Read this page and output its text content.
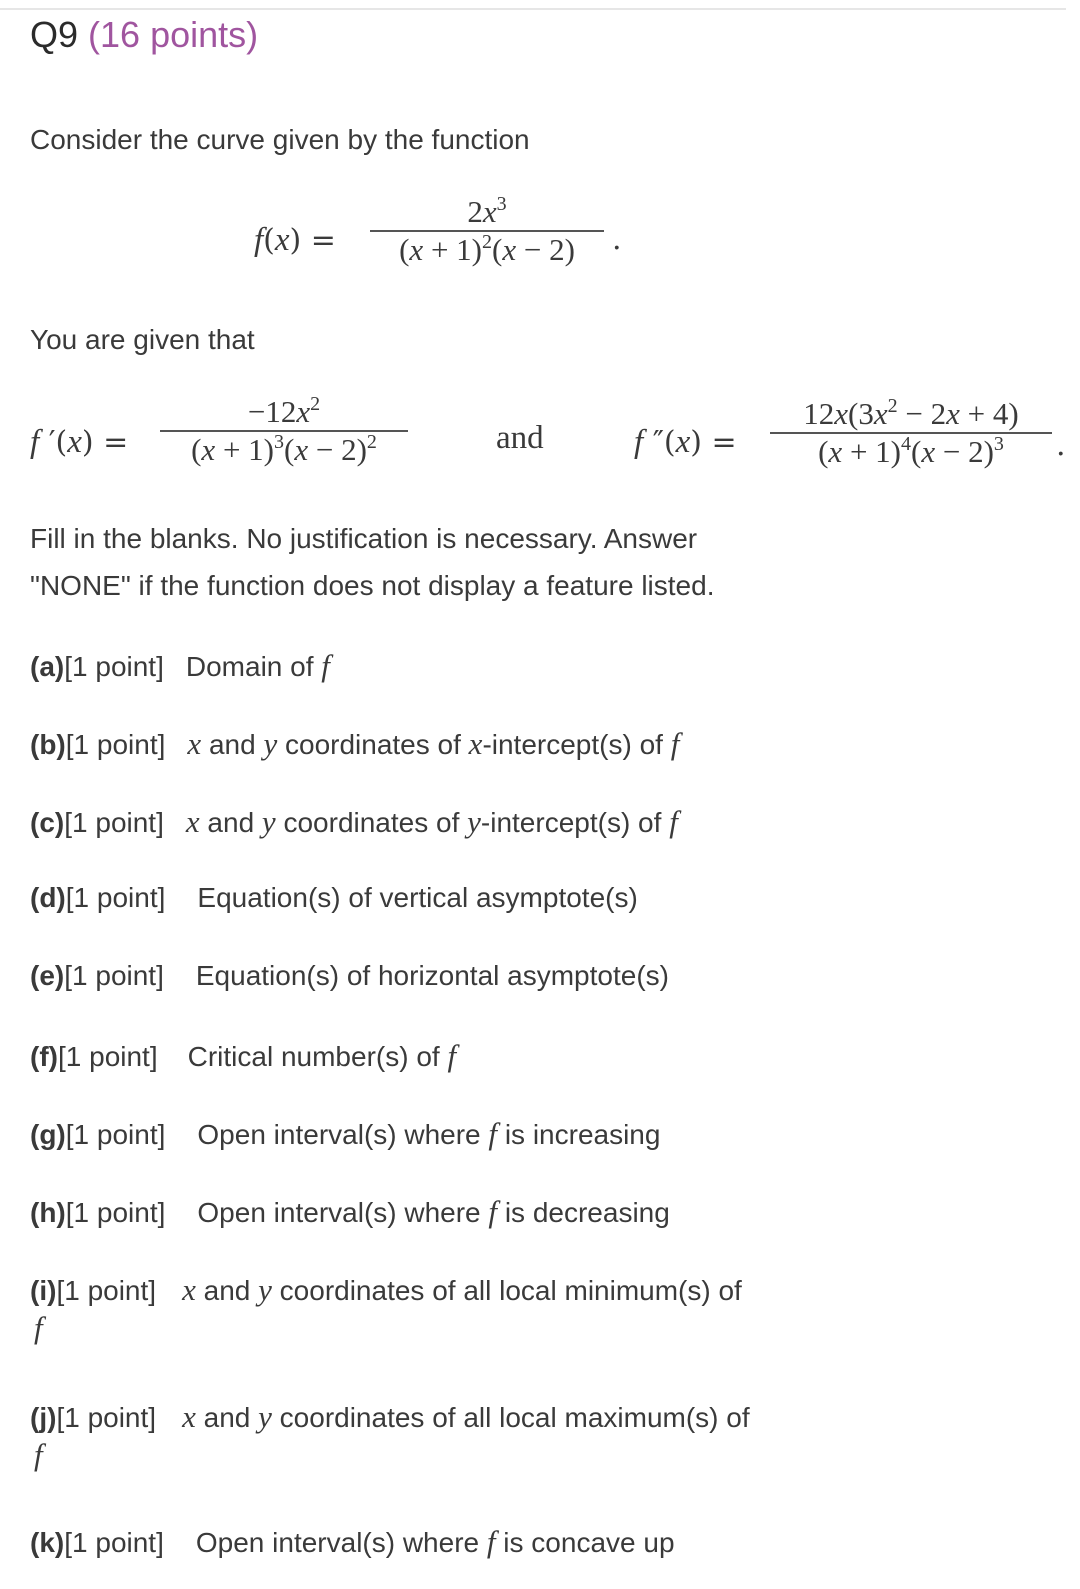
Q9 (16 points)
Consider the curve given by the function
f(x) =
$2x^3$
$(x + 1)^2(x - 2)$	.
You are given that
f ′(x) =
$-12x^2$
$(x + 1)^3(x - 2)^2$	and	f ″(x) =
$12x(3x^2 - 2x + 4)$
$(x + 1)^4(x - 2)^3$	.
Fill in the blanks. No justification is necessary. Answer
"NONE" if the function does not display a feature listed.
(a)[1 point] Domain of f
(b)[1 point] x and y coordinates of x-intercept(s) of f
(c)[1 point] x and y coordinates of y-intercept(s) of f
(d)[1 point] Equation(s) of vertical asymptote(s)
(e)[1 point] Equation(s) of horizontal asymptote(s)
(f)[1 point] Critical number(s) of f
(g)[1 point] Open interval(s) where f is increasing
(h)[1 point] Open interval(s) where f is decreasing
(i)[1 point] x and y coordinates of all local minimum(s) of
f
(j)[1 point] x and y coordinates of all local maximum(s) of
f
(k)[1 point] Open interval(s) where f is concave up
